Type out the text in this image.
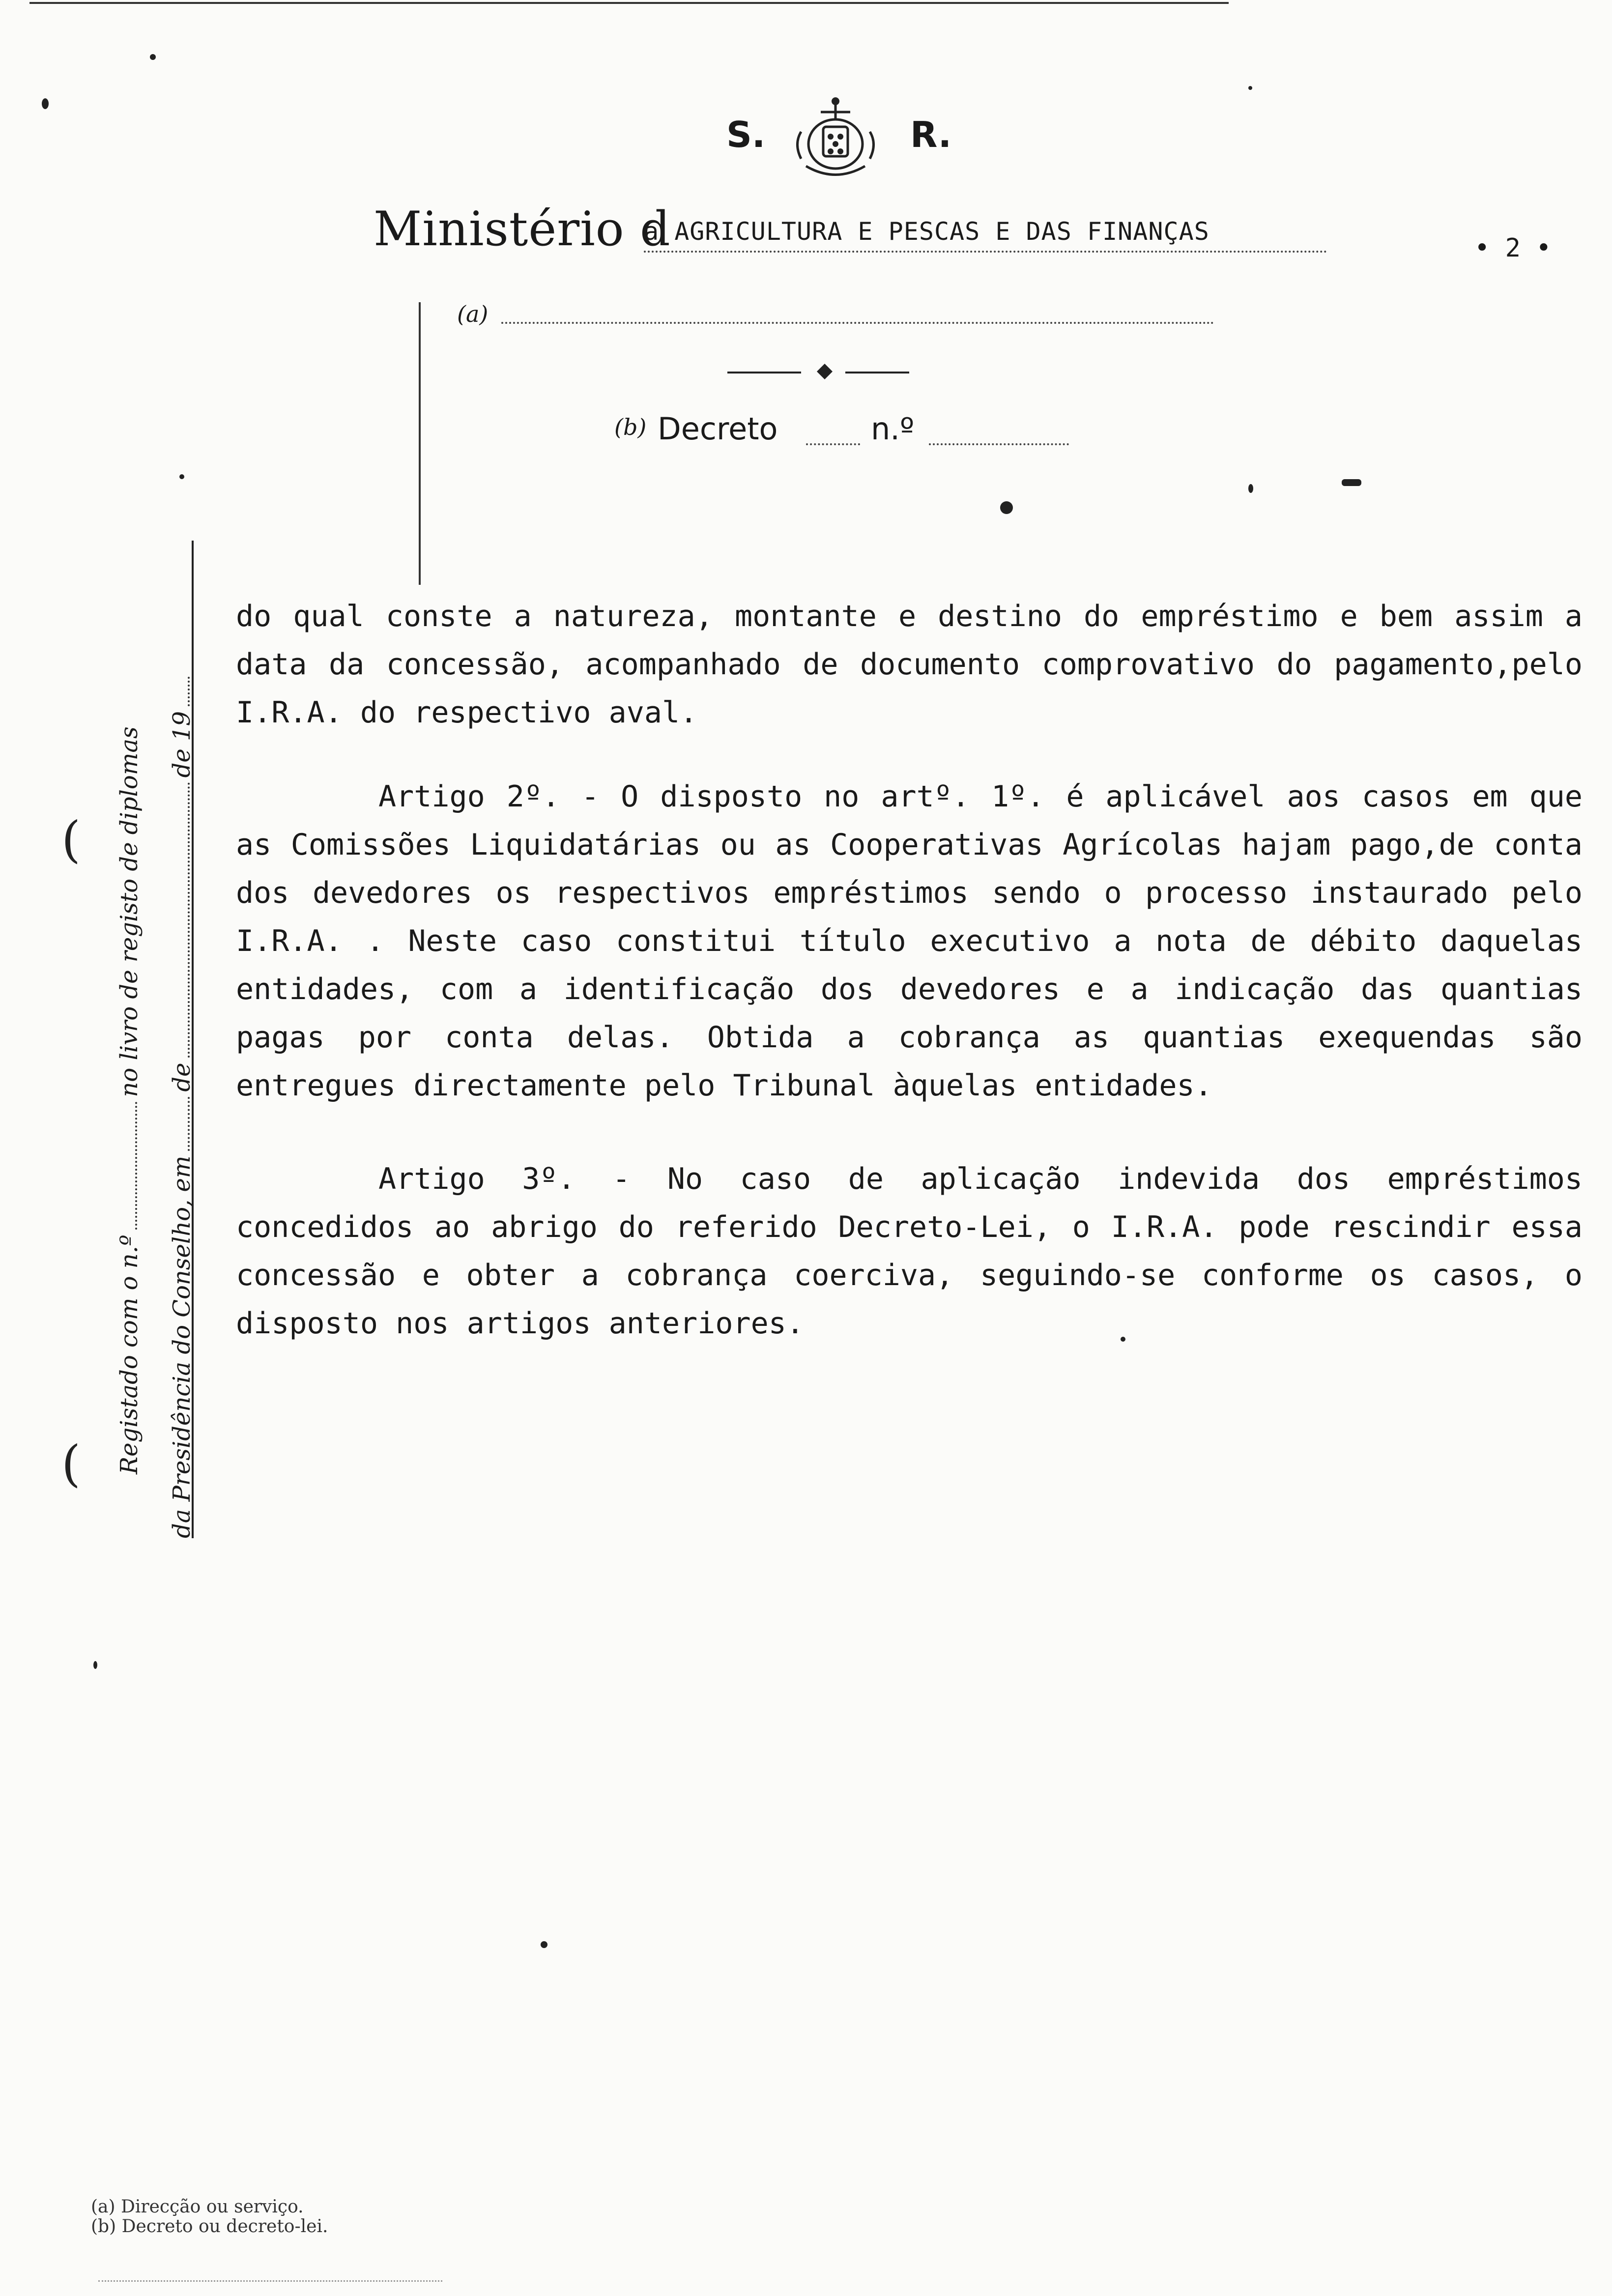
S.	R.
Ministério d
a AGRICULTURA E PESCAS E DAS FINANÇAS
• 2 •
(a)
(b) Decreto	n.º

do qual conste a natureza, montante e destino do empréstimo e bem assim a data da concessão, acompanhado de documento comprovativo do pagamento,pelo I.R.A. do respectivo aval.

Artigo 2º. - O disposto no artº. 1º. é aplicável aos casos em que as Comissões Liquidatárias ou as Cooperativas Agrícolas hajam pago,de conta dos devedores os respectivos empréstimos sendo o processo instaurado pelo I.R.A. . Neste caso constitui título executivo a nota de débito daquelas entidades, com a identificação dos devedores e a indicação das quantias pagas por conta delas. Obtida a cobrança as quantias exequendas são entregues directamente pelo Tribunal àquelas entidades.

Artigo 3º. - No caso de aplicação indevida dos empréstimos concedidos ao abrigo do referido Decreto-Lei, o I.R.A. pode rescindir essa concessão e obter a cobrança coerciva, seguindo-se conforme os casos, o disposto nos artigos anteriores.

(
( Registado com o n.º
no livro de registo de diplomas
da Presidência do Conselho, em
de
de 19
(a) Direcção ou serviço.
(b) Decreto ou decreto-lei.
